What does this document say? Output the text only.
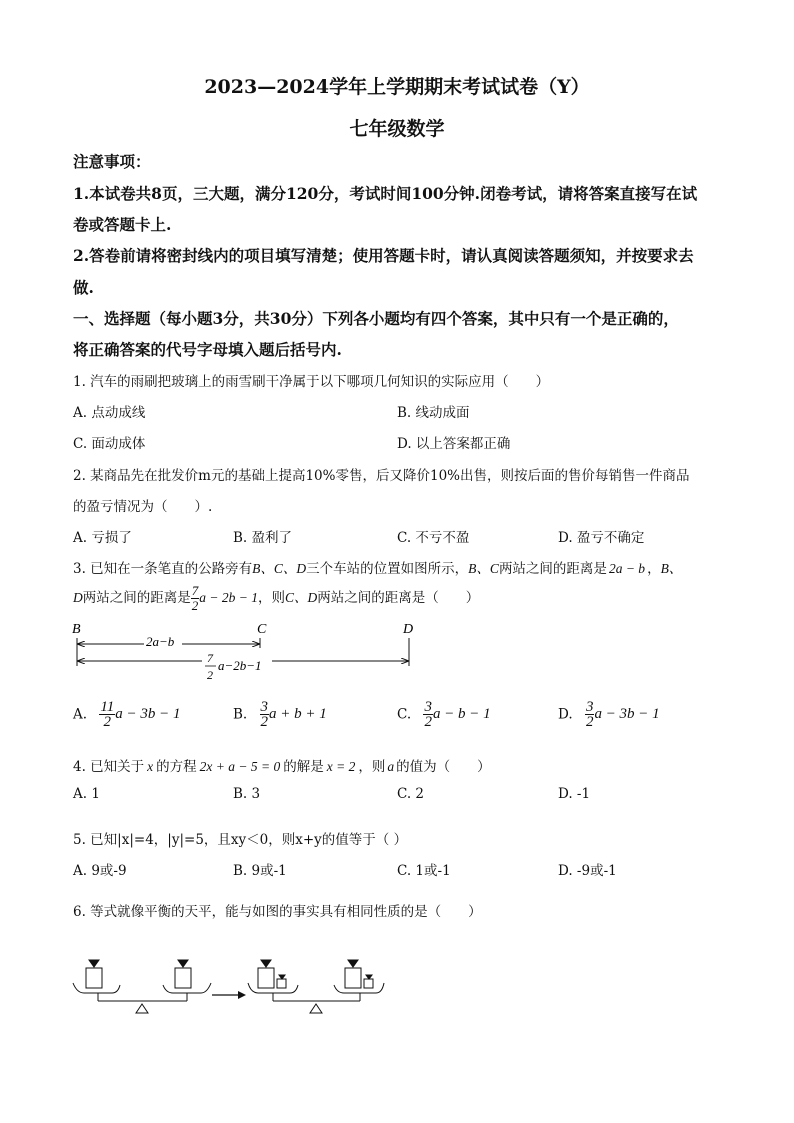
2023—2024学年上学期期末考试试卷（Y）
七年级数学
注意事项：
1.本试卷共8页，三大题，满分120分，考试时间100分钟.闭卷考试，请将答案直接写在试
卷或答题卡上.
2.答卷前请将密封线内的项目填写清楚；使用答题卡时，请认真阅读答题须知，并按要求去
做.
一、选择题（每小题3分，共30分）下列各小题均有四个答案，其中只有一个是正确的，
将正确答案的代号字母填入题后括号内.
1. 汽车的雨刷把玻璃上的雨雪刷干净属于以下哪项几何知识的实际应用（　　）
A. 点动成线	B. 线动成面
C. 面动成体	D. 以上答案都正确
2. 某商品先在批发价m元的基础上提高10%零售，后又降价10%出售，则按后面的售价每销售一件商品
的盈亏情况为（　　）.
A. 亏损了	B. 盈利了	C. 不亏不盈	D. 盈亏不确定
3. 已知在一条笔直的公路旁有B、C、D三个车站的位置如图所示，B、C两站之间的距离是 2a − b ，B、
D两站之间的距离是 $\frac{7}{2}$ a − 2b − 1，则C、D两站之间的距离是（　　）
B	C	D
2a−b
7
2
a−2b−1
A. $\frac{11}{2}$ a − 3b − 1	B. $\frac{3}{2}$ a + b + 1	C. $\frac{3}{2}$ a − b − 1	D. $\frac{3}{2}$ a − 3b − 1
4. 已知关于 x 的方程 2x + a − 5 = 0 的解是 x = 2 ，则 a 的值为（　　）
A. 1	B. 3	C. 2	D. -1
5. 已知|x|=4，|y|=5，且xy＜0，则x+y的值等于（ ）
A. 9或-9	B. 9或-1	C. 1或-1	D. -9或-1
6. 等式就像平衡的天平，能与如图的事实具有相同性质的是（　　）
